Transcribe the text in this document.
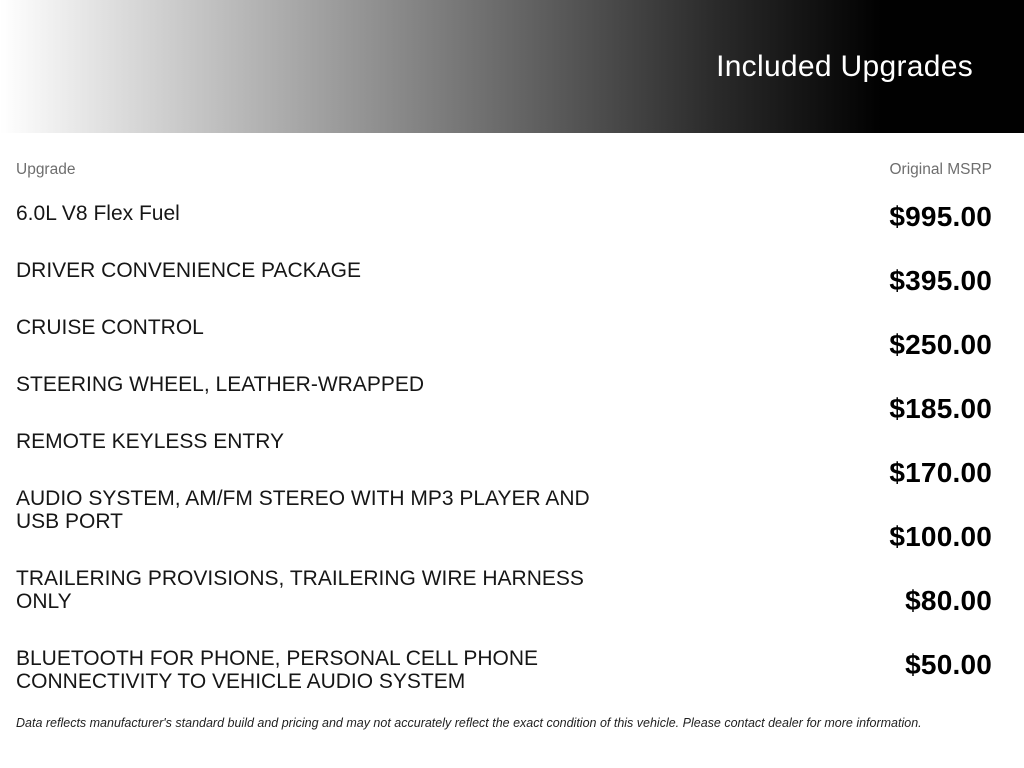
Included Upgrades
Upgrade	Original MSRP
6.0L V8 Flex Fuel
DRIVER CONVENIENCE PACKAGE
CRUISE CONTROL
STEERING WHEEL, LEATHER-WRAPPED
REMOTE KEYLESS ENTRY
AUDIO SYSTEM, AM/FM STEREO WITH MP3 PLAYER AND USB PORT
TRAILERING PROVISIONS, TRAILERING WIRE HARNESS ONLY
BLUETOOTH FOR PHONE, PERSONAL CELL PHONE CONNECTIVITY TO VEHICLE AUDIO SYSTEM
$995.00
$395.00
$250.00
$185.00
$170.00
$100.00
$80.00
$50.00
Data reflects manufacturer's standard build and pricing and may not accurately reflect the exact condition of this vehicle. Please contact dealer for more information.
